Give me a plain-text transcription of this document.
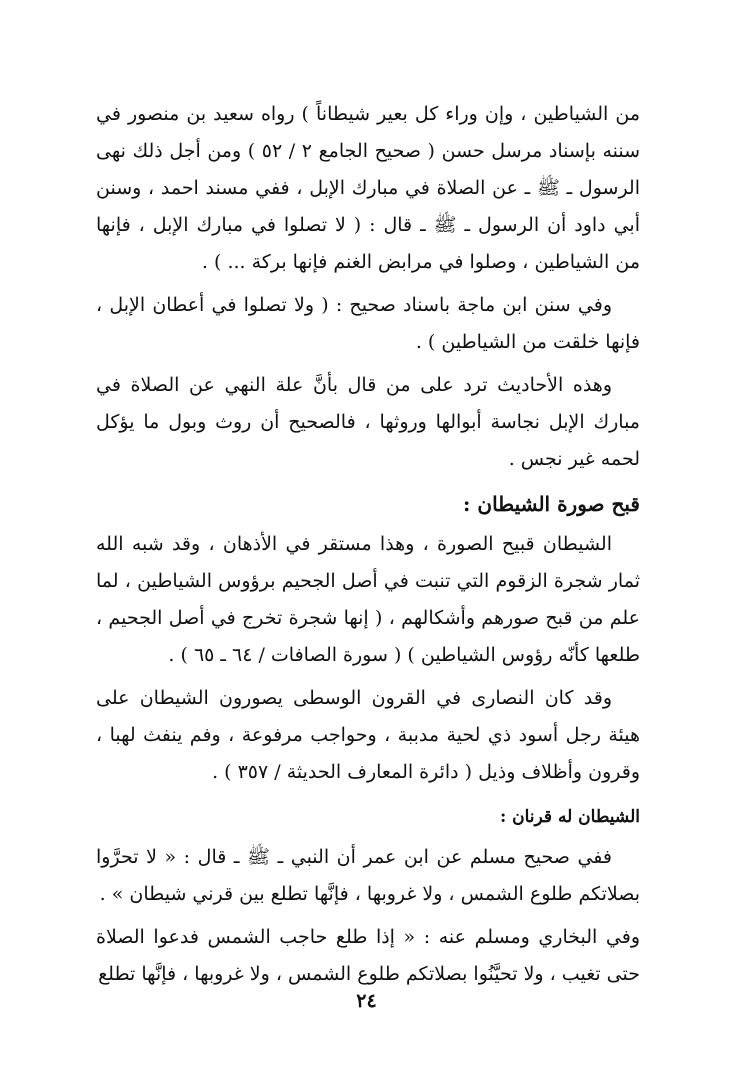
من الشياطين ، وإن وراء كل بعير شيطاناً ) رواه سعيد بن منصور في سننه بإسناد مرسل حسن ( صحيح الجامع ٢ / ٥٢ ) ومن أجل ذلك نهى الرسول ـ ﷺ ـ عن الصلاة في مبارك الإبل ، ففي مسند احمد ، وسنن أبي داود أن الرسول ـ ﷺ ـ قال : ( لا تصلوا في مبارك الإبل ، فإنها من الشياطين ، وصلوا في مرابض الغنم فإنها بركة ... ) .

وفي سنن ابن ماجة باسناد صحيح : ( ولا تصلوا في أعطان الإبل ، فإنها خلقت من الشياطين ) .

وهذه الأحاديث ترد على من قال بأنَّ علة النهي عن الصلاة في مبارك الإبل نجاسة أبوالها وروثها ، فالصحيح أن روث وبول ما يؤكل لحمه غير نجس .

قبح صورة الشيطان :

الشيطان قبيح الصورة ، وهذا مستقر في الأذهان ، وقد شبه الله ثمار شجرة الزقوم التي تنبت في أصل الجحيم برؤوس الشياطين ، لما علم من قبح صورهم وأشكالهم ، ( إنها شجرة تخرج في أصل الجحيم ، طلعها كأنّه رؤوس الشياطين ) ( سورة الصافات / ٦٤ ـ ٦٥ ) .

وقد كان النصارى في القرون الوسطى يصورون الشيطان على هيئة رجل أسود ذي لحية مدببة ، وحواجب مرفوعة ، وفم ينفث لهبا ، وقرون وأظلاف وذيل ( دائرة المعارف الحديثة / ٣٥٧ ) .

الشيطان له قرنان :

ففي صحيح مسلم عن ابن عمر أن النبي ـ ﷺ ـ قال : « لا تحرَّوا بصلاتكم طلوع الشمس ، ولا غروبها ، فإنَّها تطلع بين قرني شيطان » .

وفي البخاري ومسلم عنه : « إذا طلع حاجب الشمس فدعوا الصلاة حتى تغيب ، ولا تحيَّنُوا بصلاتكم طلوع الشمس ، ولا غروبها ، فإنَّها تطلع

٢٤
